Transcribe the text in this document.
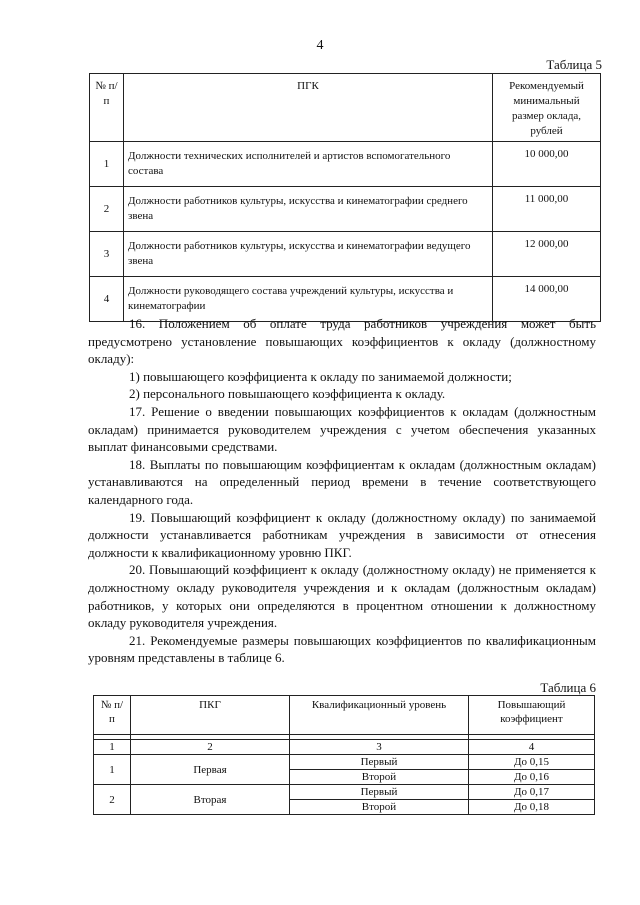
4
Таблица 5
№ п/п	ПГК	Рекомендуемый минимальный размер оклада, рублей
1	Должности технических исполнителей и артистов вспомогательного состава	10 000,00
2	Должности работников культуры, искусства и кинематографии среднего звена	11 000,00
3	Должности работников культуры, искусства и кинематографии ведущего звена	12 000,00
4	Должности руководящего состава учреждений культуры, искусства и кинематографии	14 000,00

16. Положением об оплате труда работников учреждения может быть предусмотрено установление повышающих коэффициентов к окладу (должностному окладу):

1) повышающего коэффициента к окладу по занимаемой должности;

2) персонального повышающего коэффициента к окладу.

17. Решение о введении повышающих коэффициентов к окладам (должностным окладам) принимается руководителем учреждения с учетом обеспечения указанных выплат финансовыми средствами.

18. Выплаты по повышающим коэффициентам к окладам (должностным окладам) устанавливаются на определенный период времени в течение соответствующего календарного года.

19. Повышающий коэффициент к окладу (должностному окладу) по занимаемой должности устанавливается работникам учреждения в зависимости от отнесения должности к квалификационному уровню ПКГ.

20. Повышающий коэффициент к окладу (должностному окладу) не применяется к должностному окладу руководителя учреждения и к окладам (должностным окладам) работников, у которых они определяются в процентном отношении к должностному окладу руководителя учреждения.

21. Рекомендуемые размеры повышающих коэффициентов по квалификационным уровням представлены в таблице 6.

Таблица 6
№ п/п	ПКГ	Квалификационный уровень	Повышающий коэффициент

1	2	3	4
1	Первая	Первый	До 0,15
		Второй	До 0,16
2	Вторая	Первый	До 0,17
		Второй	До 0,18
